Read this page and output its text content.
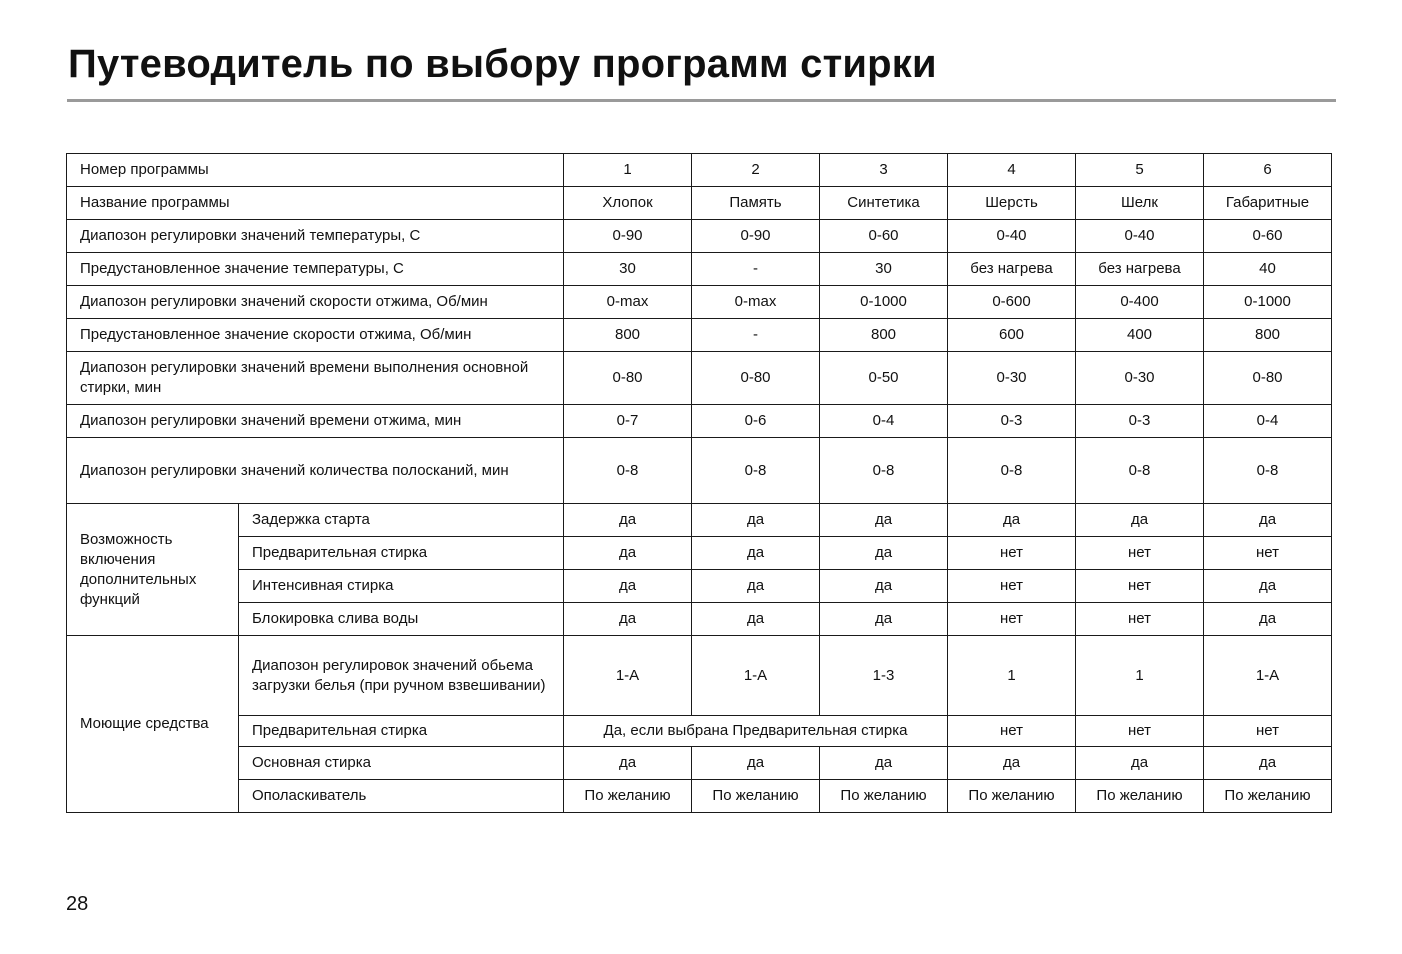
Путеводитель по выбору программ стирки
Номер программы		1	2	3	4	5	6
Название программы		Хлопок	Память	Синтетика	Шерсть	Шелк	Габаритные
Диапозон регулировки значений температуры, С		0-90	0-90	0-60	0-40	0-40	0-60
Предустановленное значение температуры, С		30	-	30	без нагрева	без нагрева	40
Диапозон регулировки значений скорости отжима, Об/мин		0-max	0-max	0-1000	0-600	0-400	0-1000
Предустановленное значение скорости отжима, Об/мин		800	-	800	600	400	800
Диапозон регулировки значений времени выполнения основной стирки, мин		0-80	0-80	0-50	0-30	0-30	0-80
Диапозон регулировки значений времени отжима, мин		0-7	0-6	0-4	0-3	0-3	0-4
Диапозон регулировки значений количества полосканий, мин		0-8	0-8	0-8	0-8	0-8	0-8
Возможность включения дополнительных функций	Задержка старта	да	да	да	да	да	да
	Предварительная стирка	да	да	да	нет	нет	нет
	Интенсивная стирка	да	да	да	нет	нет	да
	Блокировка слива воды	да	да	да	нет	нет	да
Моющие средства	Диапозон регулировок значений обьема загрузки белья (при ручном взвешивании)	1-A	1-A	1-3	1	1	1-A
	Предварительная стирка	Да, если выбрана Предварительная стирка			нет	нет	нет
	Основная стирка	да	да	да	да	да	да
	Ополаскиватель	По желанию	По желанию	По желанию	По желанию	По желанию	По желанию
28
